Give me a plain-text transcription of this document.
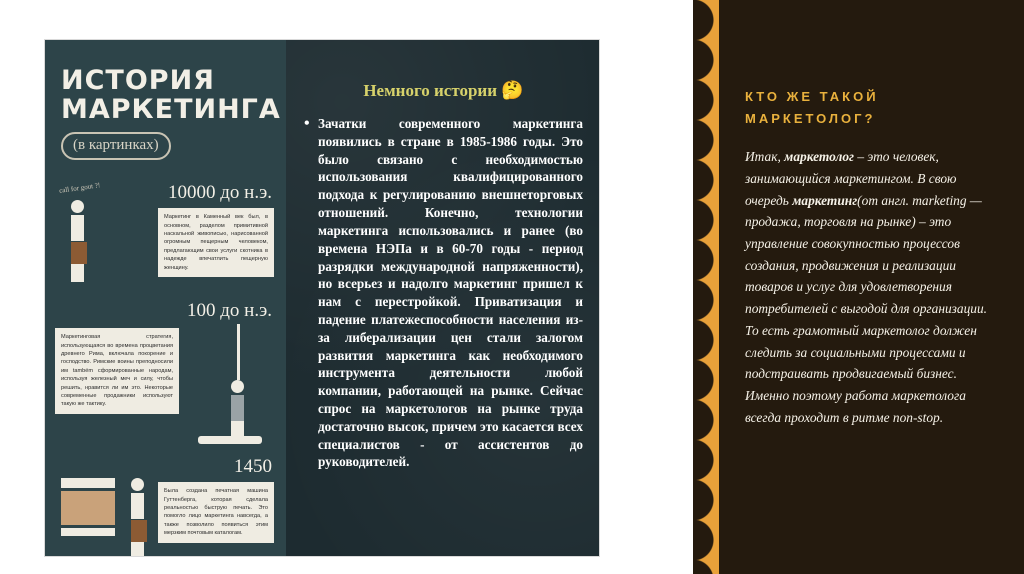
ИСТОРИЯ
МАРКЕТИНГА
(в картинках)
call for gout ?!	10000 до н.э.
Маркетинг в Каменный век был, в основном, разделом примитивной наскальной живописью, нарисованной огромным пещерным человеком, предлагающим свои услуги скотника в надежде впечатлить пещерную женщину.
100 до н.э.
Маркетинговая стратегия, использующаяся во времена процветания древнего Рима, включала покорение и господство. Римские воины преподносили им também сформированные народам, используя железный меч и силу, чтобы решить, нравится ли им это. Некоторые современные продажники используют такую же тактику.
1450
Была создана печатная машина Гуттенберга, которая сделала реальностью быструю печать. Это помогло лицо маркетинга навсегда, а также позволило появиться этим мерзким почтовым каталогам.
Немного истории 🤔
• Зачатки современного маркетинга появились в стране в 1985-1986 годы. Это было связано с необходимостью использования квалифицированного подхода к регулированию внешнеторговых отношений. Конечно, технологии маркетинга использовались и ранее (во времена НЭПа и в 60-70 годы - период разрядки международной напряженности), но всерьез и надолго маркетинг пришел к нам с перестройкой. Приватизация и падение платежеспособности населения из-за либерализации цен стали залогом развития маркетинга как необходимого инструмента деятельности любой компании, работающей на рынке. Сейчас спрос на маркетологов на рынке труда достаточно высок, причем это касается всех специалистов - от ассистентов до руководителей.
КТО ЖЕ ТАКОЙ МАРКЕТОЛОГ?
Итак, маркетолог – это человек, занимающийся маркетингом. В свою очередь маркетинг(от англ. marketing — продажа, торговля на рынке) – это управление совокупностью процессов создания, продвижения и реализации товаров и услуг для удовлетворения потребителей с выгодой для организации. То есть грамотный маркетолог должен следить за социальными процессами и подстраивать продвигаемый бизнес. Именно поэтому работа маркетолога всегда проходит в ритме non-stop.
